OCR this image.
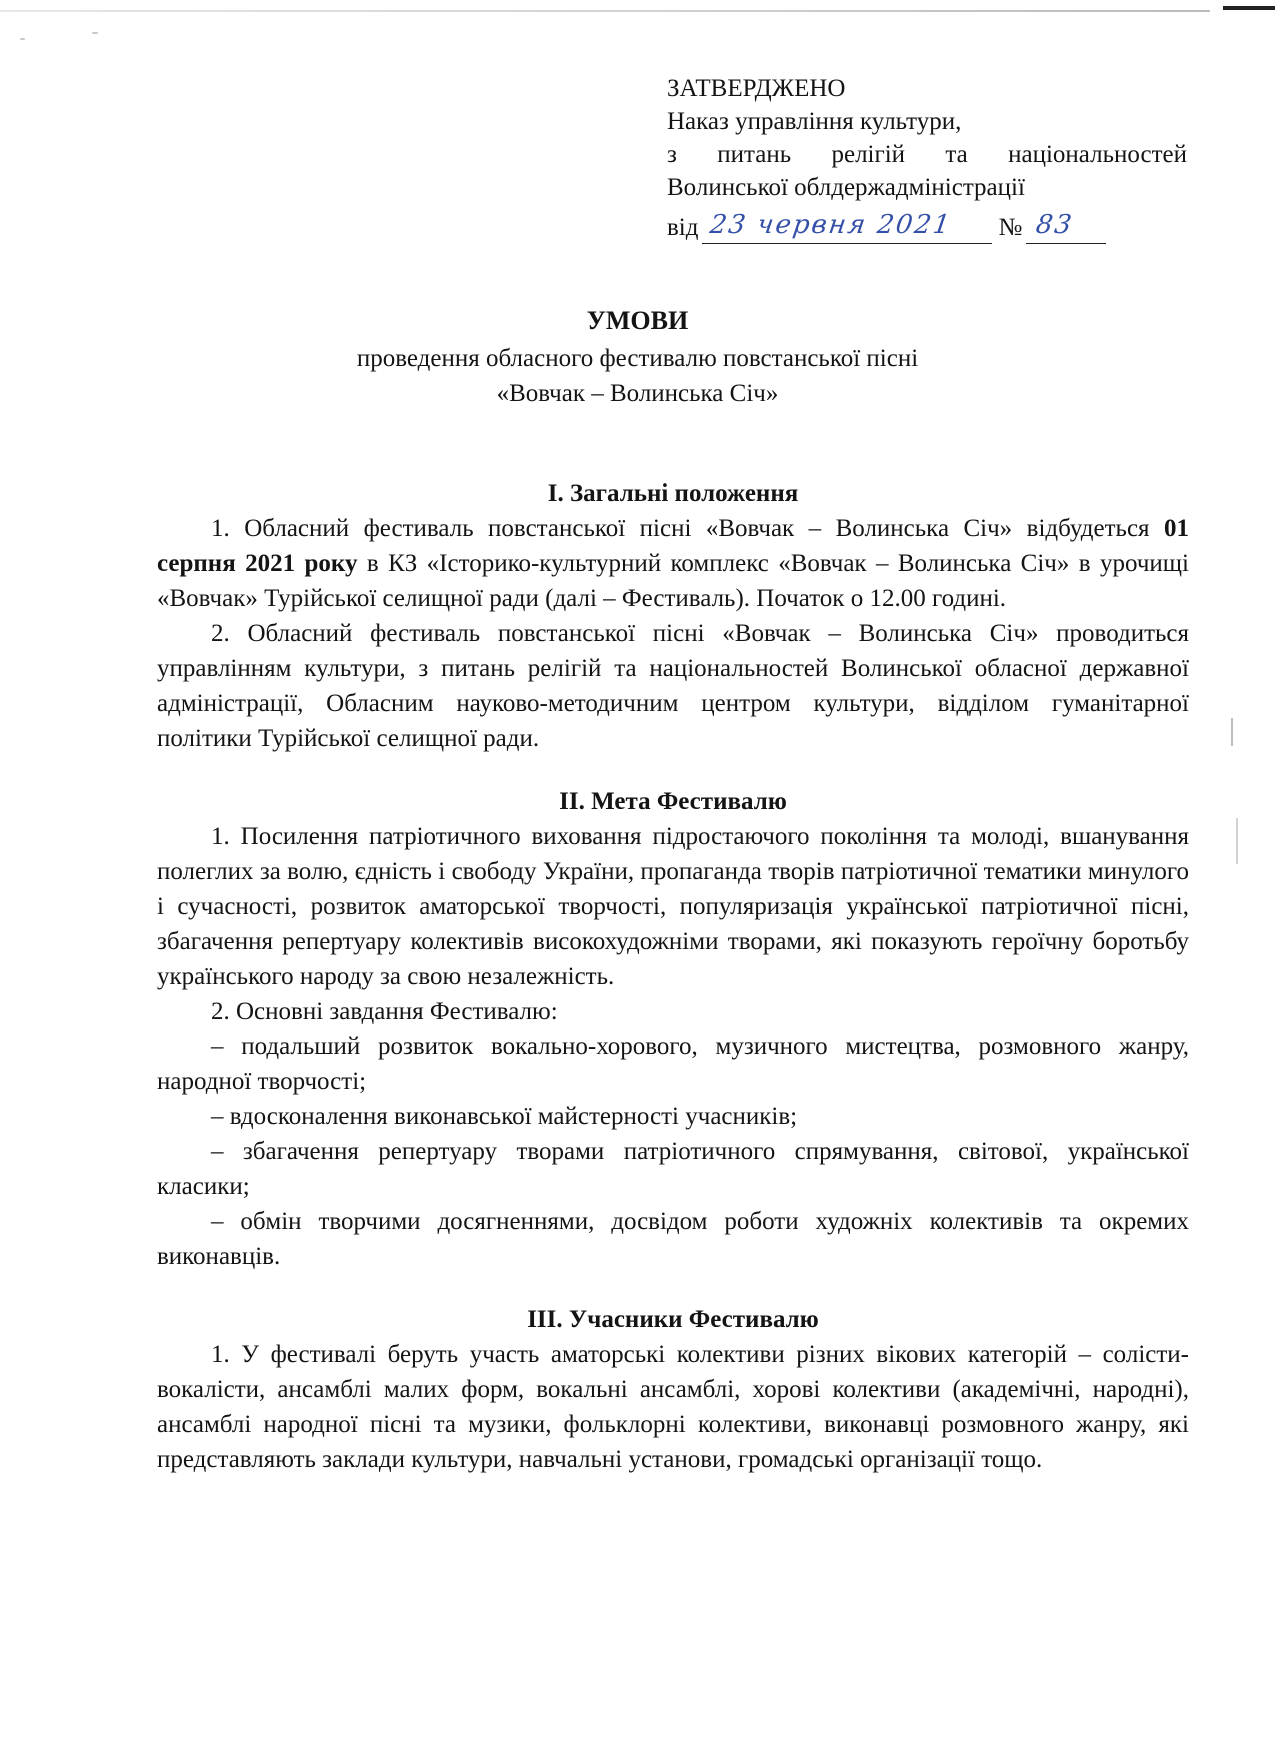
ЗАТВЕРДЖЕНО
Наказ управління культури,
з питань релігій та національностей
Волинської облдержадміністрації
від 23 червня 2021 № 83
УМОВИ
проведення обласного фестивалю повстанської пісні
«Вовчак – Волинська Січ»
І. Загальні положення

1. Обласний фестиваль повстанської пісні «Вовчак – Волинська Січ» відбудеться 01 серпня 2021 року в КЗ «Історико-культурний комплекс «Вовчак – Волинська Січ» в урочищі «Вовчак» Турійської селищної ради (далі – Фестиваль). Початок о 12.00 годині.

2. Обласний фестиваль повстанської пісні «Вовчак – Волинська Січ» проводиться управлінням культури, з питань релігій та національностей Волинської обласної державної адміністрації, Обласним науково-методичним центром культури, відділом гуманітарної політики Турійської селищної ради.

ІІ. Мета Фестивалю

1. Посилення патріотичного виховання підростаючого покоління та молоді, вшанування полеглих за волю, єдність і свободу України, пропаганда творів патріотичної тематики минулого і сучасності, розвиток аматорської творчості, популяризація української патріотичної пісні, збагачення репертуару колективів високохудожніми творами, які показують героїчну боротьбу українського народу за свою незалежність.

2. Основні завдання Фестивалю:

– подальший розвиток вокально-хорового, музичного мистецтва, розмовного жанру, народної творчості;

– вдосконалення виконавської майстерності учасників;

– збагачення репертуару творами патріотичного спрямування, світової, української класики;

– обмін творчими досягненнями, досвідом роботи художніх колективів та окремих виконавців.

ІІІ. Учасники Фестивалю

1. У фестивалі беруть участь аматорські колективи різних вікових категорій – солісти-вокалісти, ансамблі малих форм, вокальні ансамблі, хорові колективи (академічні, народні), ансамблі народної пісні та музики, фольклорні колективи, виконавці розмовного жанру, які представляють заклади культури, навчальні установи, громадські організації тощо.
